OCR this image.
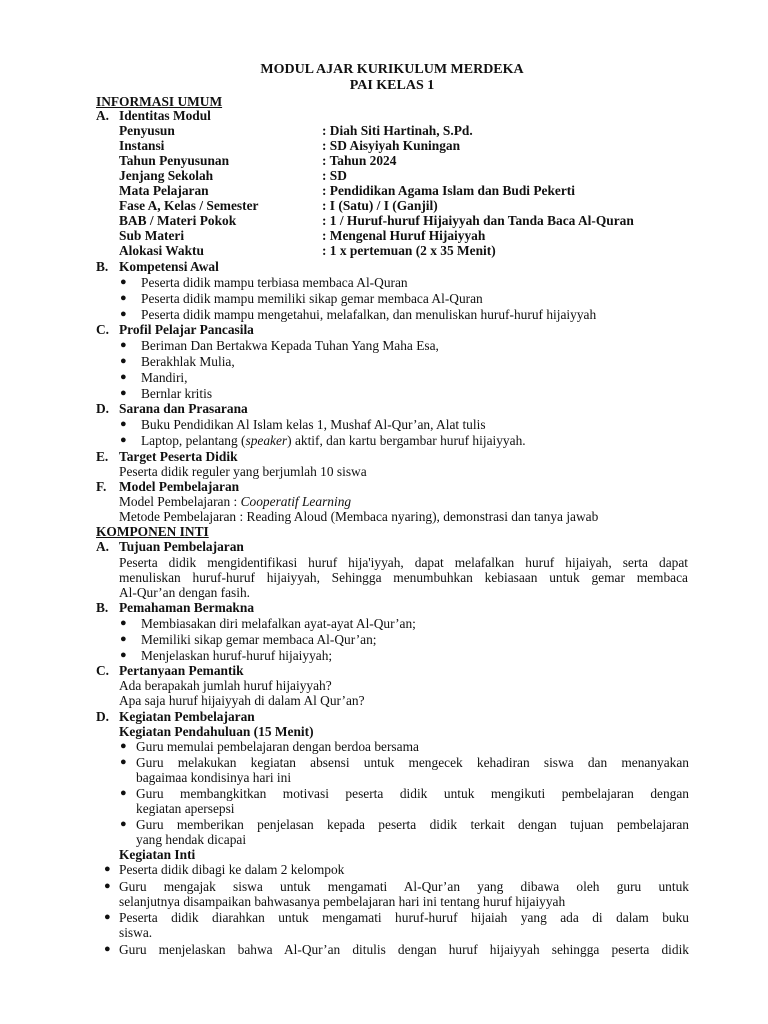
MODUL AJAR KURIKULUM MERDEKA
PAI KELAS 1
INFORMASI UMUM
A. Identitas Modul
Penyusun	: Diah Siti Hartinah, S.Pd.
Instansi	: SD Aisyiyah Kuningan
Tahun Penyusunan	: Tahun 2024
Jenjang Sekolah	: SD
Mata Pelajaran	: Pendidikan Agama Islam dan Budi Pekerti
Fase A, Kelas / Semester	: I (Satu) / I (Ganjil)
BAB / Materi Pokok	: 1 / Huruf-huruf Hijaiyyah dan Tanda Baca Al-Quran
Sub Materi	: Mengenal Huruf Hijaiyyah
Alokasi Waktu	: 1 x pertemuan (2 x 35 Menit)
B. Kompetensi Awal
● Peserta didik mampu terbiasa membaca Al-Quran
● Peserta didik mampu memiliki sikap gemar membaca Al-Quran
● Peserta didik mampu mengetahui, melafalkan, dan menuliskan huruf-huruf hijaiyyah
C. Profil Pelajar Pancasila
● Beriman Dan Bertakwa Kepada Tuhan Yang Maha Esa,
● Berakhlak Mulia,
● Mandiri,
● Bernlar kritis
D. Sarana dan Prasarana
● Buku Pendidikan Al Islam kelas 1, Mushaf Al-Qur’an, Alat tulis
● Laptop, pelantang (speaker) aktif, dan kartu bergambar huruf hijaiyyah.
E. Target Peserta Didik
Peserta didik reguler yang berjumlah 10 siswa
F. Model Pembelajaran
Model Pembelajaran : Cooperatif Learning
Metode Pembelajaran : Reading Aloud (Membaca nyaring), demonstrasi dan tanya jawab
KOMPONEN INTI
A. Tujuan Pembelajaran
Peserta didik mengidentifikasi huruf hija'iyyah, dapat melafalkan huruf hijaiyah, serta dapat
menuliskan huruf-huruf hijaiyyah, Sehingga menumbuhkan kebiasaan untuk gemar membaca
Al-Qur’an dengan fasih.
B. Pemahaman Bermakna
● Membiasakan diri melafalkan ayat-ayat Al-Qur’an;
● Memiliki sikap gemar membaca Al-Qur’an;
● Menjelaskan huruf-huruf hijaiyyah;
C. Pertanyaan Pemantik
Ada berapakah jumlah huruf hijaiyyah?
Apa saja huruf hijaiyyah di dalam Al Qur’an?
D. Kegiatan Pembelajaran
Kegiatan Pendahuluan (15 Menit)
● Guru memulai pembelajaran dengan berdoa bersama
● Guru melakukan kegiatan absensi untuk mengecek kehadiran siswa dan menanyakan
bagaimaa kondisinya hari ini
● Guru membangkitkan motivasi peserta didik untuk mengikuti pembelajaran dengan
kegiatan apersepsi
● Guru memberikan penjelasan kepada peserta didik terkait dengan tujuan pembelajaran
yang hendak dicapai
Kegiatan Inti
● Peserta didik dibagi ke dalam 2 kelompok
● Guru mengajak siswa untuk mengamati Al-Qur’an yang dibawa oleh guru untuk
selanjutnya disampaikan bahwasanya pembelajaran hari ini tentang huruf hijaiyyah
● Peserta didik diarahkan untuk mengamati huruf-huruf hijaiah yang ada di dalam buku
siswa.
● Guru menjelaskan bahwa Al-Qur’an ditulis dengan huruf hijaiyyah sehingga peserta didik
